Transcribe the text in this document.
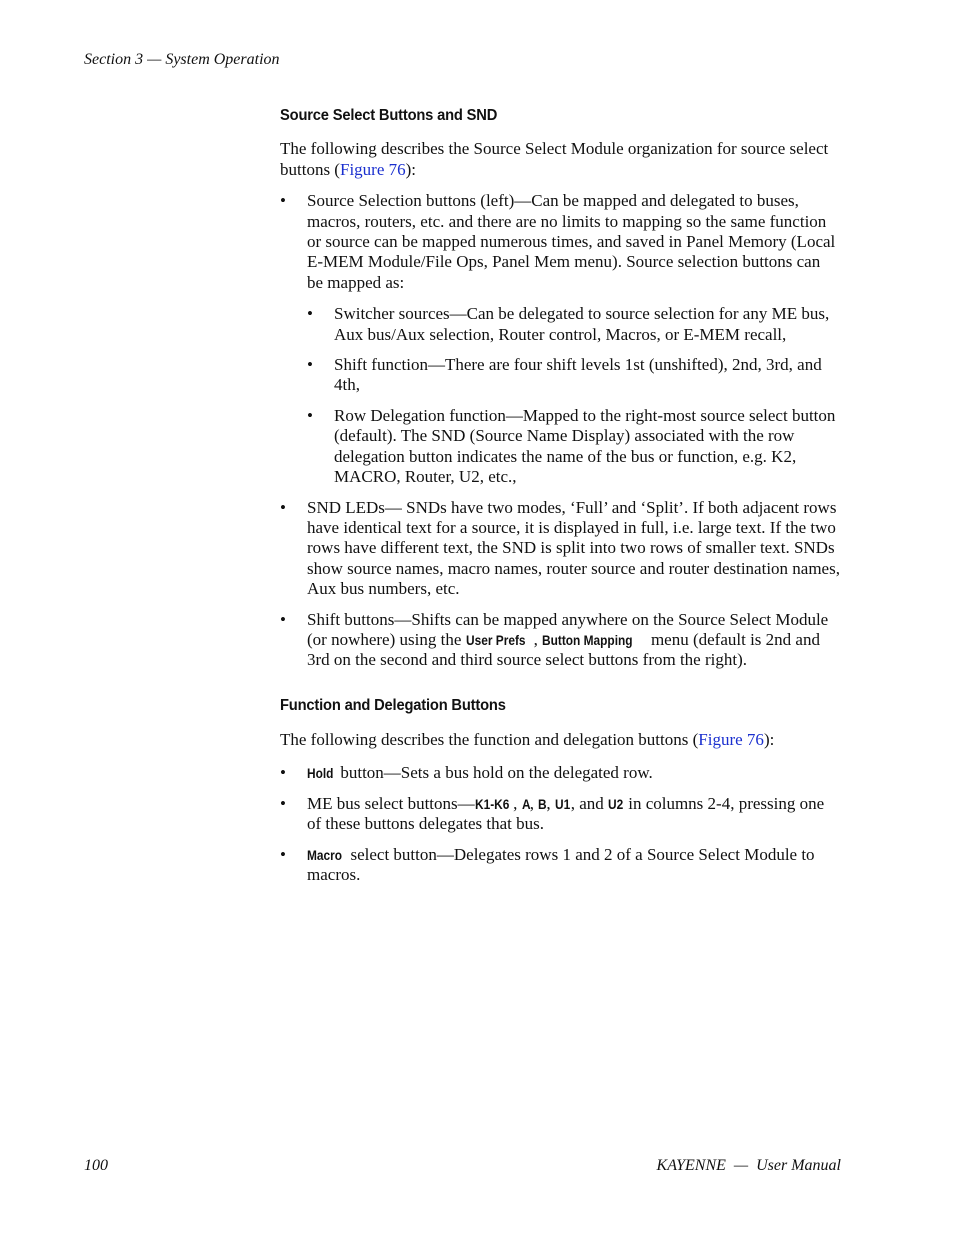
Section 3 — System Operation
Source Select Buttons and SND

The following describes the Source Select Module organization for source select buttons (Figure 76):

• Source Selection buttons (left)—Can be mapped and delegated to buses, macros, routers, etc. and there are no limits to mapping so the same function or source can be mapped numerous times, and saved in Panel Memory (Local E-MEM Module/File Ops, Panel Mem menu). Source selection buttons can be mapped as:
• Switcher sources—Can be delegated to source selection for any ME bus, Aux bus/Aux selection, Router control, Macros, or E-MEM recall,
• Shift function—There are four shift levels 1st (unshifted), 2nd, 3rd, and 4th,
• Row Delegation function—Mapped to the right-most source select button (default). The SND (Source Name Display) associated with the row delegation button indicates the name of the bus or function, e.g. K2, MACRO, Router, U2, etc.,
• SND LEDs— SNDs have two modes, ‘Full’ and ‘Split’. If both adjacent rows have identical text for a source, it is displayed in full, i.e. large text. If the two rows have different text, the SND is split into two rows of smaller text. SNDs show source names, macro names, router source and router destination names, Aux bus numbers, etc.
• Shift buttons—Shifts can be mapped anywhere on the Source Select Module (or nowhere) using the User Prefs , Button Mapping menu (default is 2nd and 3rd on the second and third source select buttons from the right).
Function and Delegation Buttons

The following describes the function and delegation buttons (Figure 76):

• Hold button—Sets a bus hold on the delegated row.
• ME bus select buttons—K1-K6 , A, B, U1, and U2 in columns 2-4, pressing one of these buttons delegates that bus.
• Macro select button—Delegates rows 1 and 2 of a Source Select Module to macros.
100	KAYENNE  —  User Manual
